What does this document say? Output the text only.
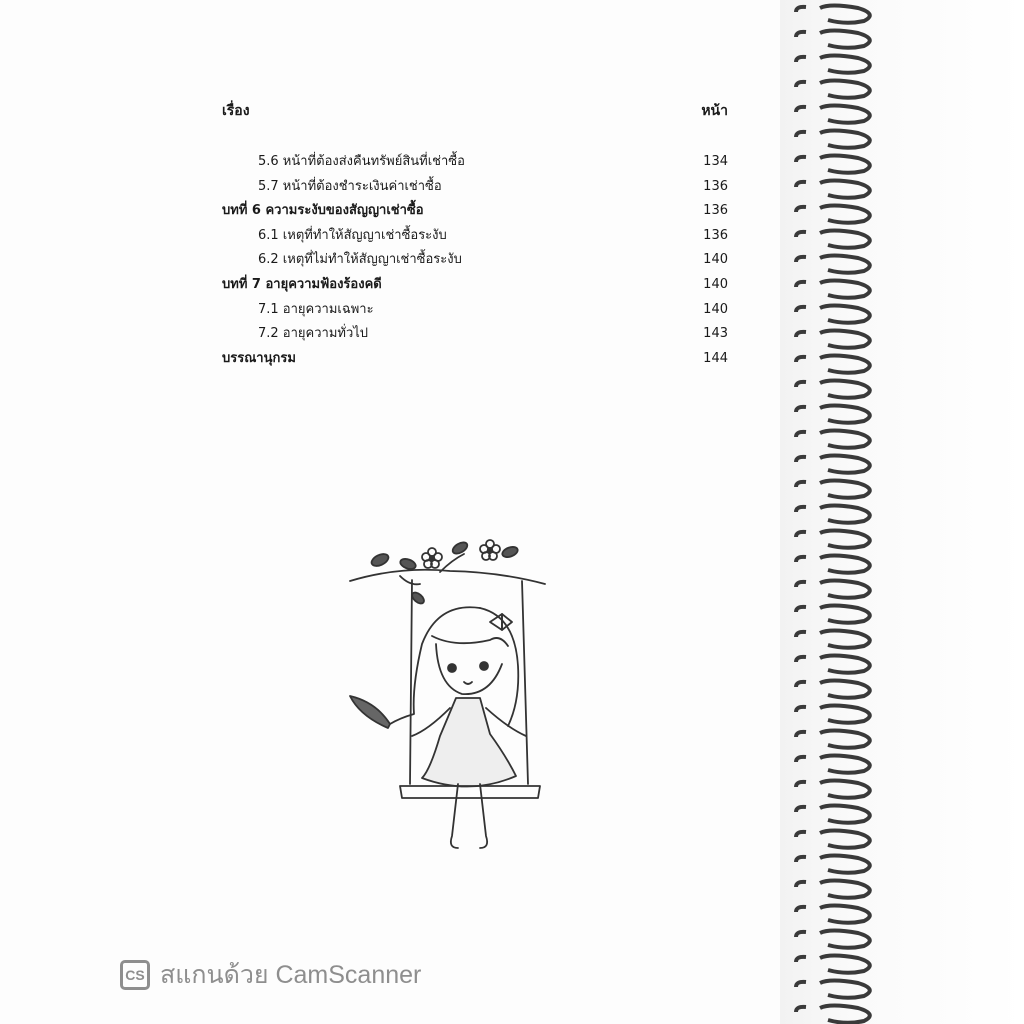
เรื่อง	หน้า
5.6 หน้าที่ต้องส่งคืนทรัพย์สินที่เช่าซื้อ	134
5.7 หน้าที่ต้องชำระเงินค่าเช่าซื้อ	136
บทที่ 6 ความระงับของสัญญาเช่าซื้อ	136
6.1 เหตุที่ทำให้สัญญาเช่าซื้อระงับ	136
6.2 เหตุที่ไม่ทำให้สัญญาเช่าซื้อระงับ	140
บทที่ 7 อายุความฟ้องร้องคดี	140
7.1 อายุความเฉพาะ	140
7.2 อายุความทั่วไป	143
บรรณานุกรม	144
CS สแกนด้วย CamScanner
